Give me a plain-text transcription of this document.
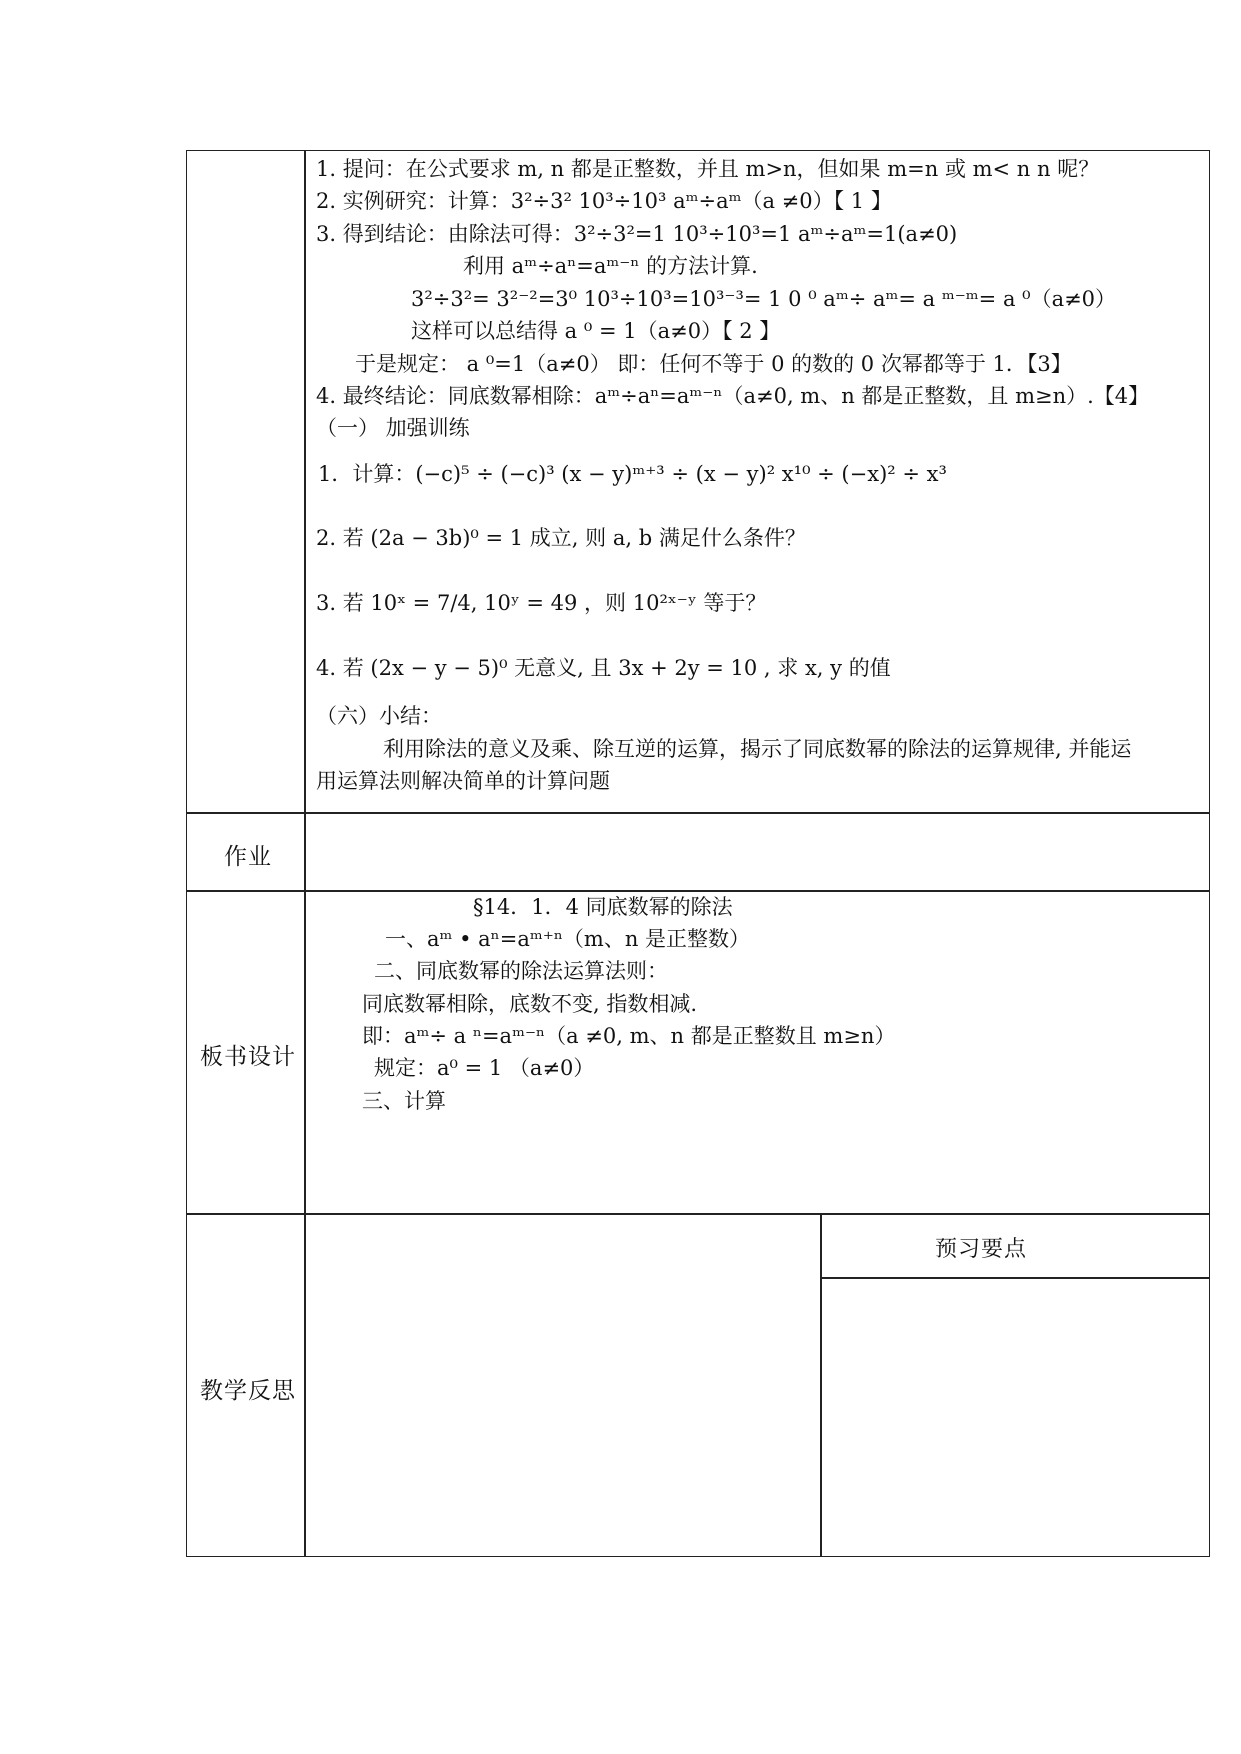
1. 提问：在公式要求 m, n 都是正整数，并且 m>n，但如果 m=n 或 m< n n 呢？
2. 实例研究：计算：3²÷3² 10³÷10³ aᵐ÷aᵐ（a ≠0）【 1 】
3. 得到结论：由除法可得：3²÷3²=1 10³÷10³=1 aᵐ÷aᵐ=1(a≠0)
利用 aᵐ÷aⁿ=aᵐ⁻ⁿ 的方法计算.
3²÷3²= 3²⁻²=3⁰ 10³÷10³=10³⁻³= 1 0 ⁰ aᵐ÷ aᵐ= a ᵐ⁻ᵐ= a ⁰（a≠0）
这样可以总结得 a ⁰ = 1（a≠0）【 2 】
于是规定： a ⁰=1（a≠0） 即：任何不等于 0 的数的 0 次幂都等于 1．【3】
4. 最终结论：同底数幂相除：aᵐ÷aⁿ=aᵐ⁻ⁿ（a≠0, m、n 都是正整数，且 m≥n）.【4】
（一） 加强训练
1．计算：(−c)⁵ ÷ (−c)³ (x − y)ᵐ⁺³ ÷ (x − y)² x¹⁰ ÷ (−x)² ÷ x³
2. 若 (2a − 3b)⁰ = 1 成立, 则 a, b 满足什么条件？
3. 若 10ˣ = 7/4, 10ʸ = 49 ，则 10²ˣ⁻ʸ 等于？
4. 若 (2x − y − 5)⁰ 无意义, 且 3x + 2y = 10 , 求 x, y 的值
（六）小结：
利用除法的意义及乘、除互逆的运算，揭示了同底数幂的除法的运算规律, 并能运
用运算法则解决简单的计算问题
作业
板书设计
§14．1．4 同底数幂的除法
一、aᵐ • aⁿ=aᵐ⁺ⁿ（m、n 是正整数）
二、同底数幂的除法运算法则：
同底数幂相除，底数不变, 指数相减.
即：aᵐ÷ a ⁿ=aᵐ⁻ⁿ（a ≠0, m、n 都是正整数且 m≥n）
规定：a⁰ = 1 （a≠0）
三、计算
教学反思
预习要点
